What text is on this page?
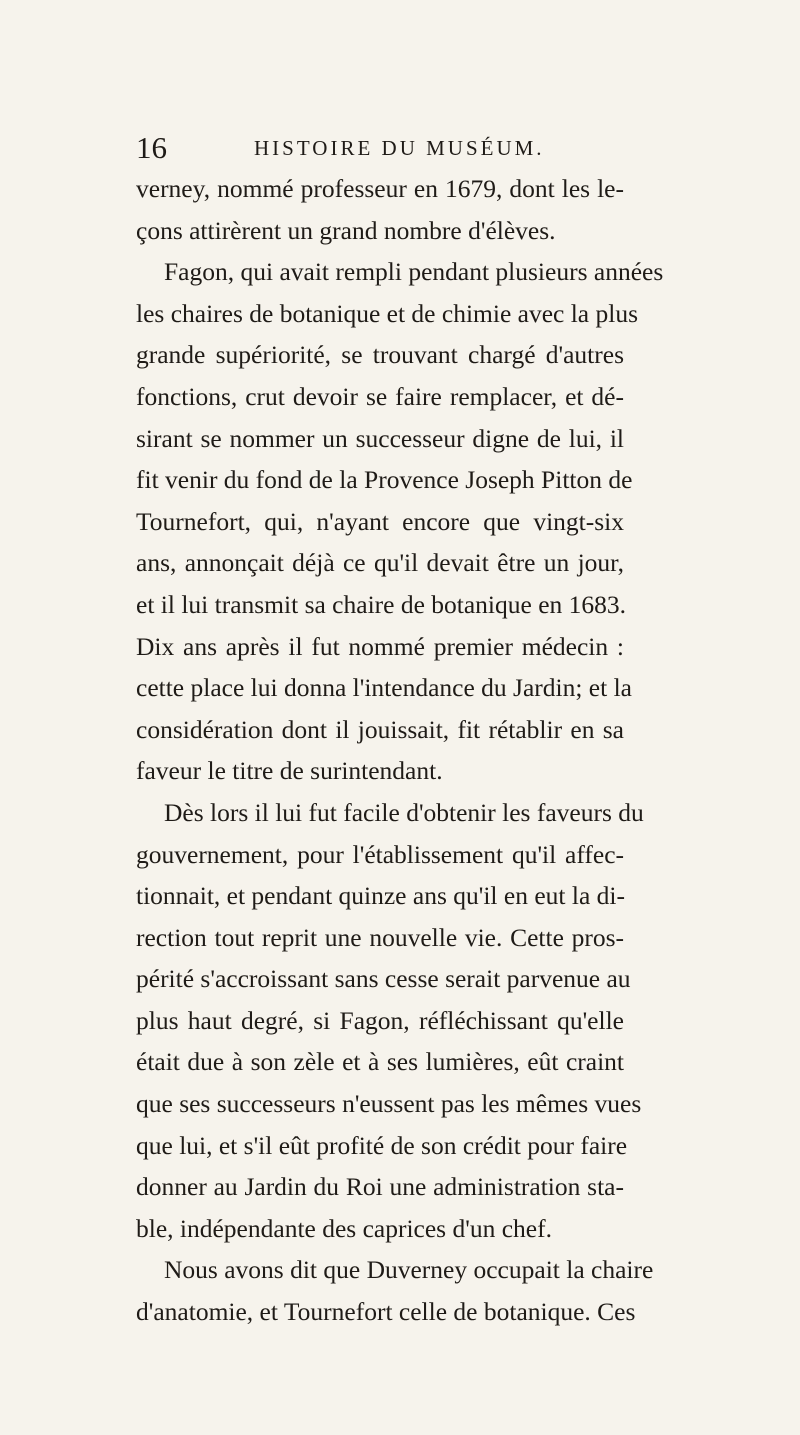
16	HISTOIRE DU MUSÉUM.
verney, nommé professeur en 1679, dont les le-
çons attirèrent un grand nombre d'élèves.
Fagon, qui avait rempli pendant plusieurs années
les chaires de botanique et de chimie avec la plus
grande supériorité, se trouvant chargé d'autres
fonctions, crut devoir se faire remplacer, et dé-
sirant se nommer un successeur digne de lui, il
fit venir du fond de la Provence Joseph Pitton de
Tournefort, qui, n'ayant encore que vingt-six
ans, annonçait déjà ce qu'il devait être un jour,
et il lui transmit sa chaire de botanique en 1683.
Dix ans après il fut nommé premier médecin :
cette place lui donna l'intendance du Jardin; et la
considération dont il jouissait, fit rétablir en sa
faveur le titre de surintendant.
Dès lors il lui fut facile d'obtenir les faveurs du
gouvernement, pour l'établissement qu'il affec-
tionnait, et pendant quinze ans qu'il en eut la di-
rection tout reprit une nouvelle vie. Cette pros-
périté s'accroissant sans cesse serait parvenue au
plus haut degré, si Fagon, réfléchissant qu'elle
était due à son zèle et à ses lumières, eût craint
que ses successeurs n'eussent pas les mêmes vues
que lui, et s'il eût profité de son crédit pour faire
donner au Jardin du Roi une administration sta-
ble, indépendante des caprices d'un chef.
Nous avons dit que Duverney occupait la chaire
d'anatomie, et Tournefort celle de botanique. Ces
